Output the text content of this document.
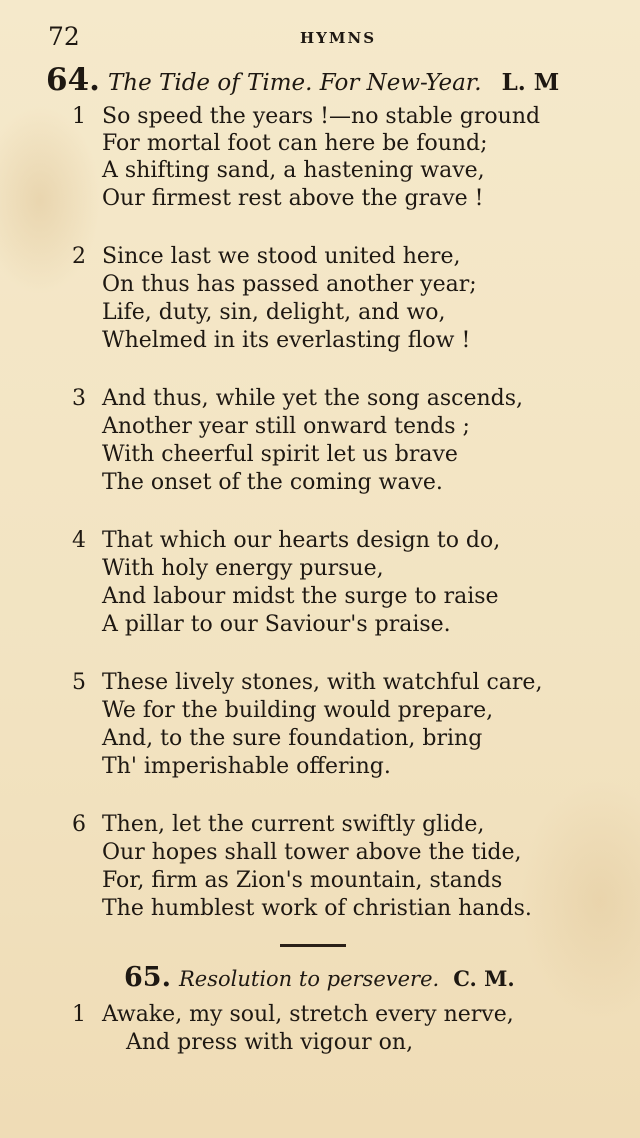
72	HYMNS
64. The Tide of Time. For New-Year. L. M
1 So speed the years !—no stable ground
For mortal foot can here be found;
A shifting sand, a hastening wave,
Our firmest rest above the grave !
2 Since last we stood united here,
On thus has passed another year;
Life, duty, sin, delight, and wo,
Whelmed in its everlasting flow !
3 And thus, while yet the song ascends,
Another year still onward tends ;
With cheerful spirit let us brave
The onset of the coming wave.
4 That which our hearts design to do,
With holy energy pursue,
And labour midst the surge to raise
A pillar to our Saviour's praise.
5 These lively stones, with watchful care,
We for the building would prepare,
And, to the sure foundation, bring
Th' imperishable offering.
6 Then, let the current swiftly glide,
Our hopes shall tower above the tide,
For, firm as Zion's mountain, stands
The humblest work of christian hands.
65. Resolution to persevere. C. M.
1 Awake, my soul, stretch every nerve,
And press with vigour on,
